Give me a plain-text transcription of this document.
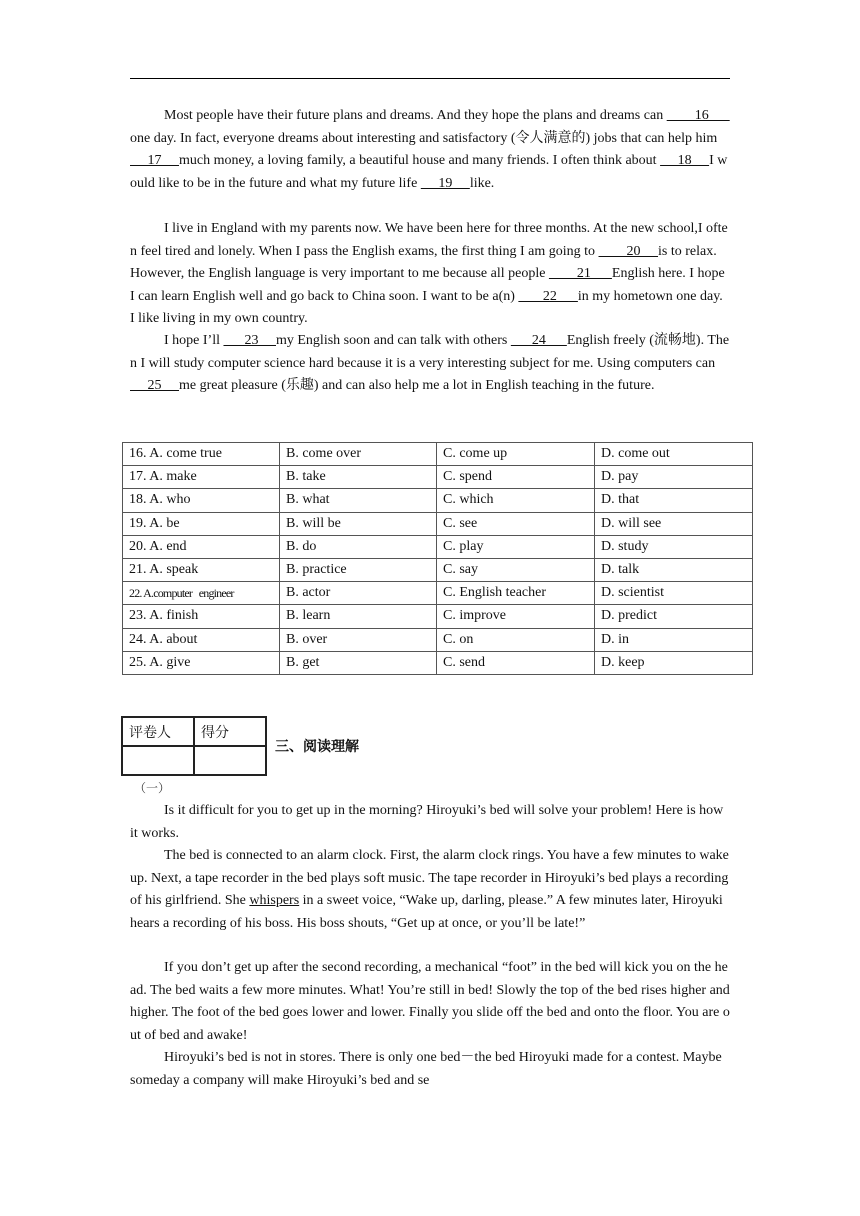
Most people have their future plans and dreams. And they hope the plans and dreams can         16       one day. In fact, everyone dreams about interesting and satisfactory (令人满意的) jobs that can help him      17     much money, a loving family, a beautiful house and many friends. I often think about      18     I would like to be in the future and what my future life      19     like.

I live in England with my parents now. We have been here for three months. At the new school,I often feel tired and lonely. When I pass the English exams, the first thing I am going to         20     is to relax. However, the English language is very important to me because all people         21      English here. I hope I can learn English well and go back to China soon. I want to be a(n)        22      in my hometown one day. I like living in my own country.

I hope I’ll       23     my English soon and can talk with others       24      English freely (流畅地). Then I will study computer science hard because it is a very interesting subject for me. Using computers can      25     me great pleasure (乐趣) and can also help me a lot in English teaching in the future.

16. A. come true	B. come over	C. come up	D. come out
17. A. make	B. take	C. spend	D. pay
18. A. who	B. what	C. which	D. that
19. A. be	B. will be	C. see	D. will see
20. A. end	B. do	C. play	D. study
21. A. speak	B. practice	C. say	D. talk
22. A.computer   engineer	B. actor	C. English teacher	D. scientist
23. A. finish	B. learn	C. improve	D. predict
24. A. about	B. over	C. on	D. in
25. A. give	B. get	C. send	D. keep
评卷人	得分

三、阅读理解
（一）

Is it difficult for you to get up in the morning? Hiroyuki’s bed will solve your problem! Here is how it works.

The bed is connected to an alarm clock. First, the alarm clock rings. You have a few minutes to wake up. Next, a tape recorder in the bed plays soft music. The tape recorder in Hiroyuki’s bed plays a recording of his girlfriend. She whispers in a sweet voice, “Wake up, darling, please.” A few minutes later, Hiroyuki hears a recording of his boss. His boss shouts, “Get up at once, or you’ll be late!”

If you don’t get up after the second recording, a mechanical “foot” in the bed will kick you on the head. The bed waits a few more minutes. What! You’re still in bed! Slowly the top of the bed rises higher and higher. The foot of the bed goes lower and lower. Finally you slide off the bed and onto the floor. You are out of bed and awake!

Hiroyuki’s bed is not in stores. There is only one bed－the bed Hiroyuki made for a contest. Maybe someday a company will make Hiroyuki’s bed and se
